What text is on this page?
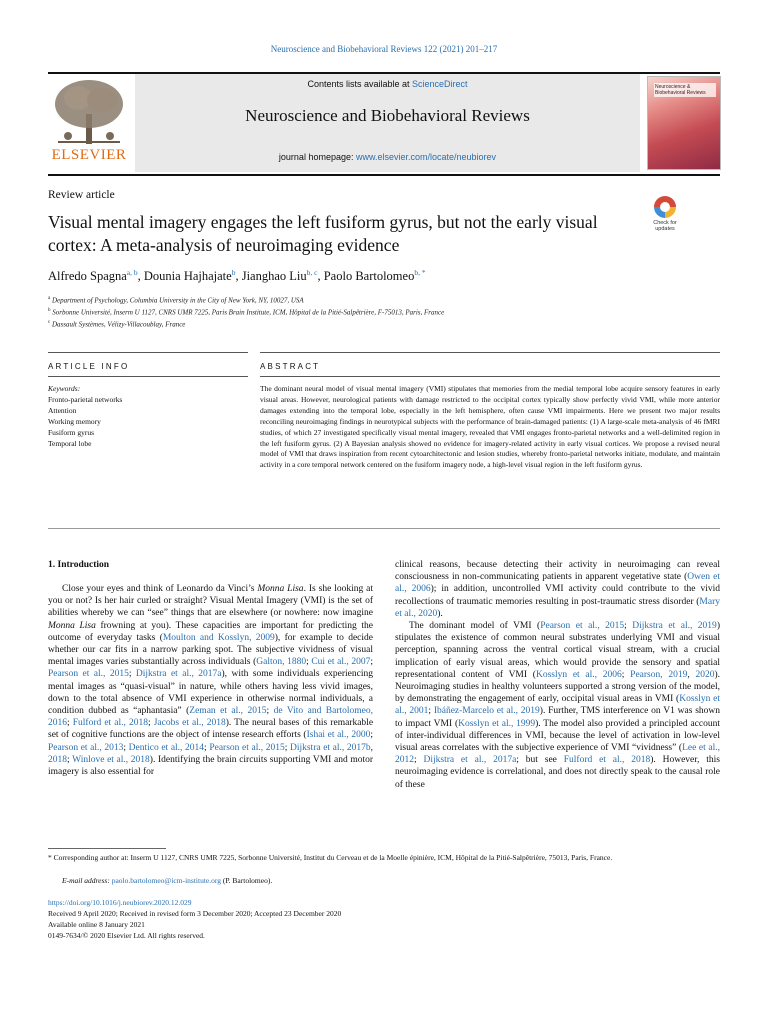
Neuroscience and Biobehavioral Reviews 122 (2021) 201–217
ELSEVIER
Contents lists available at ScienceDirect
Neuroscience and Biobehavioral Reviews
journal homepage: www.elsevier.com/locate/neubiorev
Neuroscience & Biobehavioral Reviews
Review article
Visual mental imagery engages the left fusiform gyrus, but not the early visual cortex: A meta-analysis of neuroimaging evidence
Check for updates
Alfredo Spagna$^{a, b}$, Dounia Hajhajate$^b$, Jianghao Liu$^{b, c}$, Paolo Bartolomeo$^{b, *}$
$^a$ Department of Psychology, Columbia University in the City of New York, NY, 10027, USA
$^b$ Sorbonne Université, Inserm U 1127, CNRS UMR 7225, Paris Brain Institute, ICM, Hôpital de la Pitié-Salpêtrière, F-75013, Paris, France
$^c$ Dassault Systèmes, Vélizy-Villacoublay, France
ARTICLE INFO	ABSTRACT
Keywords:
Fronto-parietal networks
Attention
Working memory
Fusiform gyrus
Temporal lobe
The dominant neural model of visual mental imagery (VMI) stipulates that memories from the medial temporal lobe acquire sensory features in early visual areas. However, neurological patients with damage restricted to the occipital cortex typically show perfectly vivid VMI, while more anterior damages extending into the temporal lobe, especially in the left hemisphere, often cause VMI impairments. Here we present two major results reconciling neuroimaging findings in neurotypical subjects with the performance of brain-damaged patients: (1) A large-scale meta-analysis of 46 fMRI studies, of which 27 investigated specifically visual mental imagery, revealed that VMI engages fronto-parietal networks and a well-delimited region in the left fusiform gyrus. (2) A Bayesian analysis showed no evidence for imagery-related activity in early visual cortices. We propose a revised neural model of VMI that draws inspiration from recent cytoarchitectonic and lesion studies, whereby fronto-parietal networks initiate, modulate, and maintain activity in a core temporal network centered on the fusiform imagery node, a high-level visual region in the left fusiform gyrus.
1. Introduction

Close your eyes and think of Leonardo da Vinci’s Monna Lisa. Is she looking at you or not? Is her hair curled or straight? Visual Mental Imagery (VMI) is the set of abilities whereby we can “see” things that are elsewhere (or nowhere: now imagine Monna Lisa frowning at you). These capacities are important for predicting the outcome of everyday tasks (Moulton and Kosslyn, 2009), for example to decide whether our car fits in a narrow parking spot. The subjective vividness of visual mental images varies substantially across individuals (Galton, 1880; Cui et al., 2007; Pearson et al., 2015; Dijkstra et al., 2017a), with some individuals experiencing mental images as “quasi-visual” in nature, while others having less vivid images, down to the total absence of VMI experience in otherwise normal individuals, a condition dubbed as “aphantasia” (Zeman et al., 2015; de Vito and Bartolomeo, 2016; Fulford et al., 2018; Jacobs et al., 2018). The neural bases of this remarkable set of cognitive functions are the object of intense research efforts (Ishai et al., 2000; Pearson et al., 2013; Dentico et al., 2014; Pearson et al., 2015; Dijkstra et al., 2017b, 2018; Winlove et al., 2018). Identifying the brain circuits supporting VMI and motor imagery is also essential for

clinical reasons, because detecting their activity in neuroimaging can reveal consciousness in non-communicating patients in apparent vegetative state (Owen et al., 2006); in addition, uncontrolled VMI activity could contribute to the vivid recollections of traumatic memories resulting in post-traumatic stress disorder (Mary et al., 2020).

The dominant model of VMI (Pearson et al., 2015; Dijkstra et al., 2019) stipulates the existence of common neural substrates underlying VMI and visual perception, spanning across the ventral cortical visual stream, with a crucial implication of early visual areas, which would provide the sensory and spatial representational content of VMI (Kosslyn et al., 2006; Pearson, 2019, 2020). Neuroimaging studies in healthy volunteers supported a strong version of the model, by demonstrating the engagement of early, occipital visual areas in VMI (Kosslyn et al., 2001; Ibáñez-Marcelo et al., 2019). Further, TMS interference on V1 was shown to impact VMI (Kosslyn et al., 1999). The model also provided a principled account of inter-individual differences in VMI, because the level of activation in low-level visual areas correlates with the subjective experience of VMI “vividness” (Lee et al., 2012; Dijkstra et al., 2017a; but see Fulford et al., 2018). However, this neuroimaging evidence is correlational, and does not directly speak to the causal role of these

* Corresponding author at: Inserm U 1127, CNRS UMR 7225, Sorbonne Université, Institut du Cerveau et de la Moelle épinière, ICM, Hôpital de la Pitié-Salpêtrière, 75013, Paris, France.
E-mail address: paolo.bartolomeo@icm-institute.org (P. Bartolomeo).
https://doi.org/10.1016/j.neubiorev.2020.12.029
Received 9 April 2020; Received in revised form 3 December 2020; Accepted 23 December 2020
Available online 8 January 2021
0149-7634/© 2020 Elsevier Ltd. All rights reserved.
